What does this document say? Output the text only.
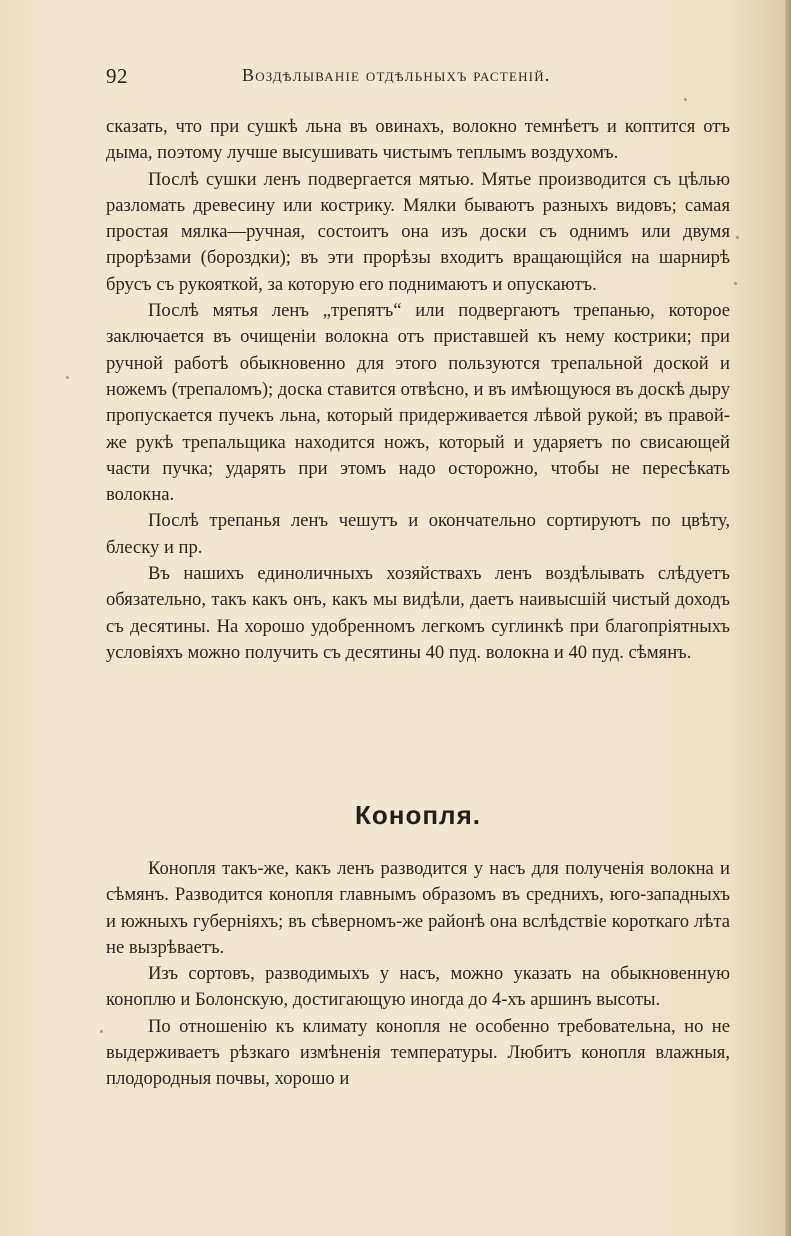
92	Воздѣлываніе отдѣльныхъ растеній.

сказать, что при сушкѣ льна въ овинахъ, волокно темнѣетъ и коптится отъ дыма, поэтому лучше высушивать чистымъ теплымъ воздухомъ.

Послѣ сушки ленъ подвергается мятью. Мятье производится съ цѣлью разломать древесину или кострику. Мялки бываютъ разныхъ видовъ; самая простая мялка—ручная, состоитъ она изъ доски съ однимъ или двумя прорѣзами (бороздки); въ эти прорѣзы входитъ вращающійся на шарнирѣ брусъ съ рукояткой, за которую его поднимаютъ и опускаютъ.

Послѣ мятья ленъ „трепятъ“ или подвергаютъ трепанью, которое заключается въ очищеніи волокна отъ приставшей къ нему кострики; при ручной работѣ обыкновенно для этого пользуются трепальной доской и ножемъ (трепаломъ); доска ставится отвѣсно, и въ имѣющуюся въ доскѣ дыру пропускается пучекъ льна, который придерживается лѣвой рукой; въ правой-же рукѣ трепальщика находится ножъ, который и ударяетъ по свисающей части пучка; ударять при этомъ надо осторожно, чтобы не пересѣкать волокна.

Послѣ трепанья ленъ чешутъ и окончательно сортируютъ по цвѣту, блеску и пр.

Въ нашихъ единоличныхъ хозяйствахъ ленъ воздѣлывать слѣдуетъ обязательно, такъ какъ онъ, какъ мы видѣли, даетъ наивысшій чистый доходъ съ десятины. На хорошо удобренномъ легкомъ суглинкѣ при благопріятныхъ условіяхъ можно получить съ десятины 40 пуд. волокна и 40 пуд. сѣмянъ.

Конопля.

Конопля такъ-же, какъ ленъ разводится у насъ для полученія волокна и сѣмянъ. Разводится конопля главнымъ образомъ въ среднихъ, юго-западныхъ и южныхъ губерніяхъ; въ сѣверномъ-же районѣ она вслѣдствіе короткаго лѣта не вызрѣваетъ.

Изъ сортовъ, разводимыхъ у насъ, можно указать на обыкновенную коноплю и Болонскую, достигающую иногда до 4-хъ аршинъ высоты.

По отношенію къ климату конопля не особенно требовательна, но не выдерживаетъ рѣзкаго измѣненія температуры. Любитъ конопля влажныя, плодородныя почвы, хорошо и
